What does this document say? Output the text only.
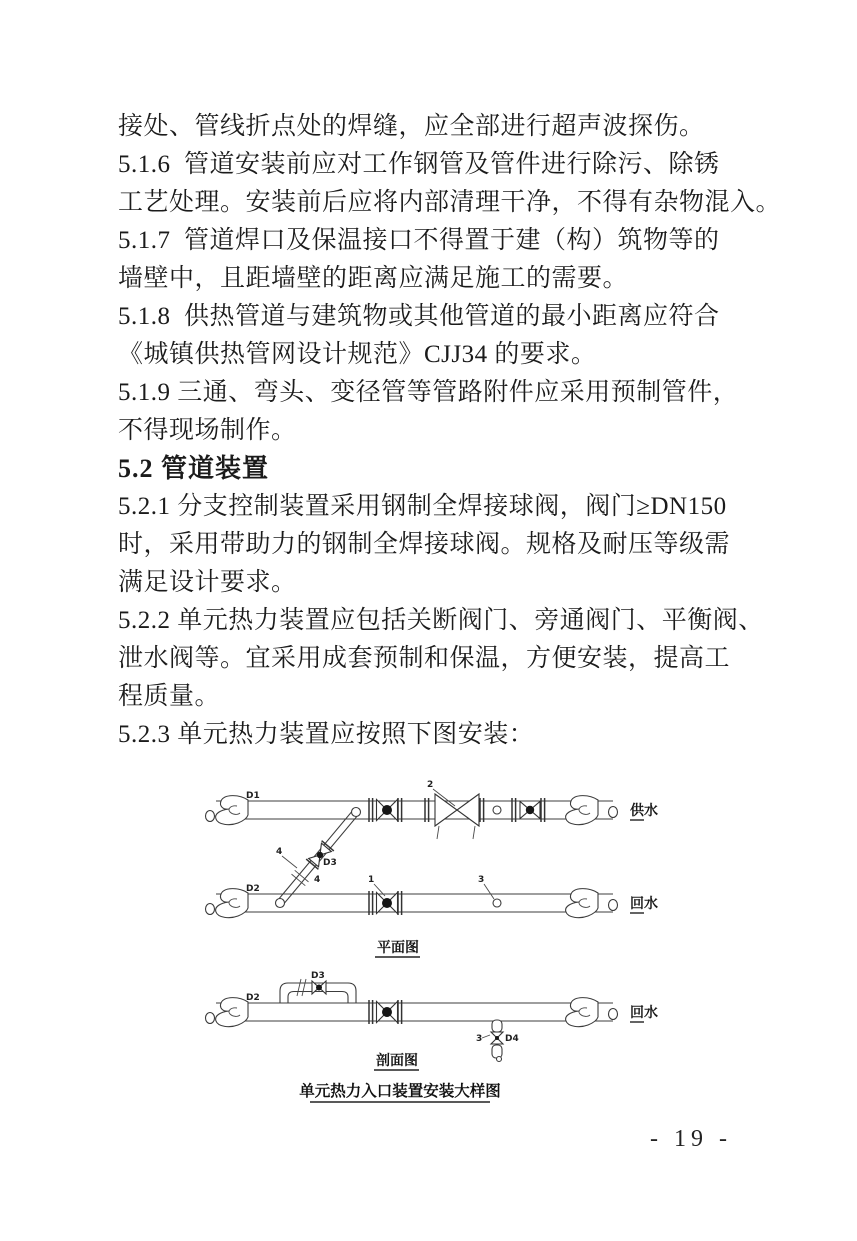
接处、管线折点处的焊缝，应全部进行超声波探伤。
5.1.6  管道安装前应对工作钢管及管件进行除污、除锈
工艺处理。安装前后应将内部清理干净，不得有杂物混入。
5.1.7  管道焊口及保温接口不得置于建（构）筑物等的
墙壁中，且距墙壁的距离应满足施工的需要。
5.1.8  供热管道与建筑物或其他管道的最小距离应符合
《城镇供热管网设计规范》CJJ34 的要求。
5.1.9 三通、弯头、变径管等管路附件应采用预制管件，
不得现场制作。
5.2 管道装置
5.2.1 分支控制装置采用钢制全焊接球阀，阀门≥DN150
时，采用带助力的钢制全焊接球阀。规格及耐压等级需
满足设计要求。
5.2.2 单元热力装置应包括关断阀门、旁通阀门、平衡阀、
泄水阀等。宜采用成套预制和保温，方便安装，提高工
程质量。
5.2.3 单元热力装置应按照下图安装：
D1
2
供水
4
D3
4
D2
1	3
回水
平面图
D2
D3
3	D4
回水
剖面图
单元热力入口装置安装大样图
- 19 -
